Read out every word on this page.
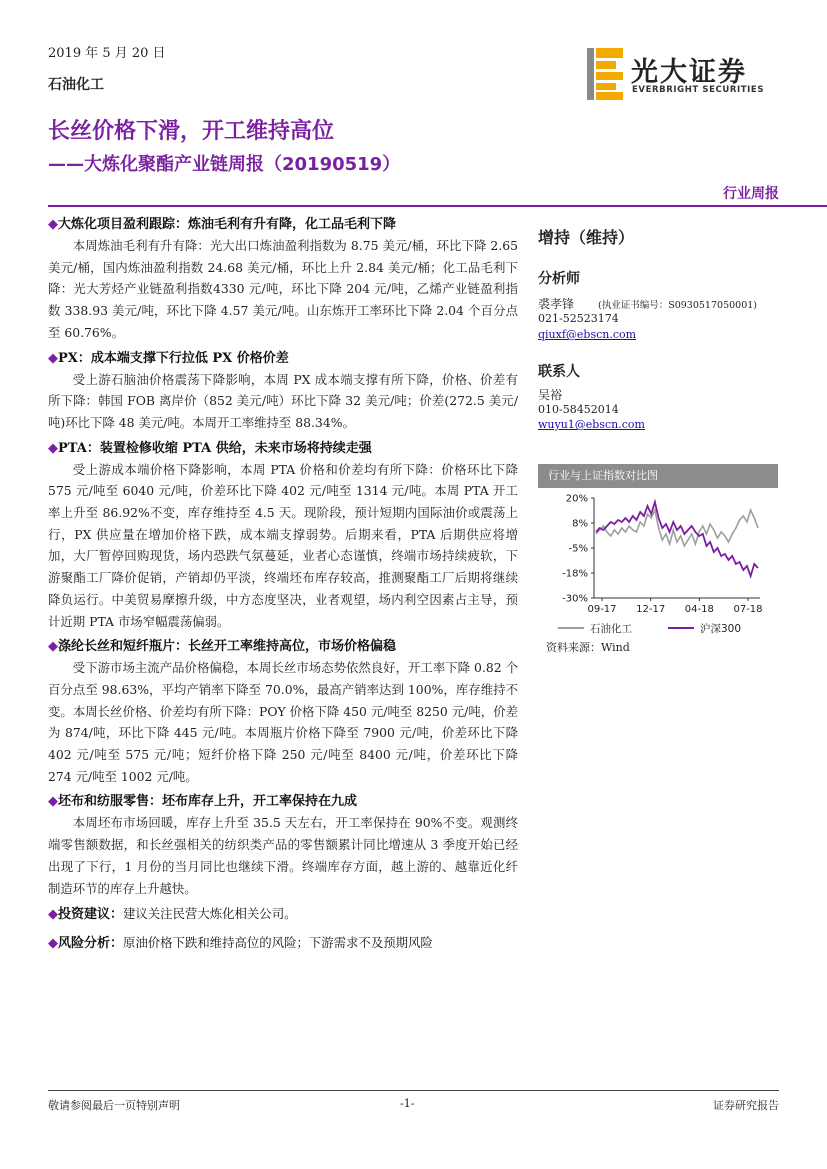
2019 年 5 月 20 日
石油化工	光大证券
EVERBRIGHT SECURITIES
长丝价格下滑，开工维持高位
——大炼化聚酯产业链周报（20190519）
行业周报
◆大炼化项目盈利跟踪：炼油毛利有升有降，化工品毛利下降

本周炼油毛利有升有降：光大出口炼油盈利指数为 8.75 美元/桶，环比下降 2.65 美元/桶，国内炼油盈利指数 24.68 美元/桶，环比上升 2.84 美元/桶；化工品毛利下降：光大芳烃产业链盈利指数4330 元/吨，环比下降 204 元/吨，乙烯产业链盈利指数 338.93 美元/吨，环比下降 4.57 美元/吨。山东炼开工率环比下降 2.04 个百分点至 60.76%。

◆PX：成本端支撑下行拉低 PX 价格价差

受上游石脑油价格震荡下降影响，本周 PX 成本端支撑有所下降，价格、价差有所下降：韩国 FOB 离岸价（852 美元/吨）环比下降 32 美元/吨；价差(272.5 美元/吨)环比下降 48 美元/吨。本周开工率维持至 88.34%。

◆PTA：装置检修收缩 PTA 供给，未来市场将持续走强

受上游成本端价格下降影响，本周 PTA 价格和价差均有所下降：价格环比下降 575 元/吨至 6040 元/吨，价差环比下降 402 元/吨至 1314 元/吨。本周 PTA 开工率上升至 86.92%不变，库存维持至 4.5 天。现阶段，预计短期内国际油价或震荡上行，PX 供应量在增加价格下跌，成本端支撑弱势。后期来看，PTA 后期供应将增加，大厂暂停回购现货，场内恐跌气氛蔓延，业者心态谨慎，终端市场持续疲软，下游聚酯工厂降价促销，产销却仍平淡，终端坯布库存较高，推测聚酯工厂后期将继续降负运行。中美贸易摩擦升级，中方态度坚决，业者观望，场内利空因素占主导，预计近期 PTA 市场窄幅震荡偏弱。

◆涤纶长丝和短纤瓶片：长丝开工率维持高位，市场价格偏稳

受下游市场主流产品价格偏稳，本周长丝市场态势依然良好，开工率下降 0.82 个百分点至 98.63%，平均产销率下降至 70.0%，最高产销率达到 100%，库存维持不变。本周长丝价格、价差均有所下降：POY 价格下降 450 元/吨至 8250 元/吨，价差为 874/吨，环比下降 445 元/吨。本周瓶片价格下降至 7900 元/吨，价差环比下降 402 元/吨至 575 元/吨；短纤价格下降 250 元/吨至 8400 元/吨，价差环比下降 274 元/吨至 1002 元/吨。

◆坯布和纺服零售：坯布库存上升，开工率保持在九成

本周坯布市场回暖，库存上升至 35.5 天左右，开工率保持在 90%不变。观测终端零售额数据，和长丝强相关的纺织类产品的零售额累计同比增速从 3 季度开始已经出现了下行，1 月份的当月同比也继续下滑。终端库存方面，越上游的、越靠近化纤制造环节的库存上升越快。

◆投资建议：建议关注民营大炼化相关公司。
◆风险分析：原油价格下跌和维持高位的风险；下游需求不及预期风险
增持（维持）
分析师
裘孝锋	(执业证书编号：S0930517050001)
021-52523174
qiuxf@ebscn.com
联系人
吴裕
010-58452014
wuyu1@ebscn.com
行业与上证指数对比图
20%
8%
-5%
-18%
-30%
09-17 12-17 04-18 07-18
石油化工	沪深300
资料来源：Wind
敬请参阅最后一页特别声明	-1-	证券研究报告
